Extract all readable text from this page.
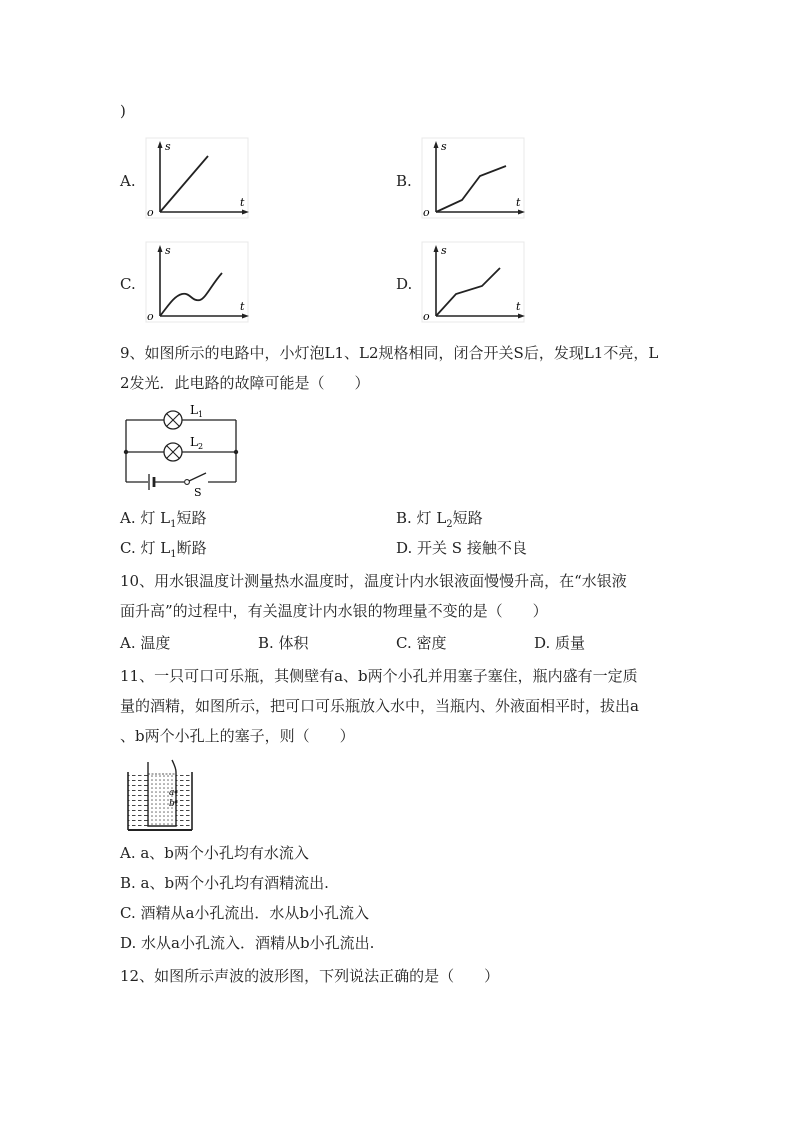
)
A.
s
t
o
B.
s
t
o
C.
s
t
o
D.
s
t
o
9、如图所示的电路中，小灯泡L1、L2规格相同，闭合开关S后，发现L1不亮，L
2发光．此电路的故障可能是（　　）
$L_1$
$L_2$
S
A. 灯 $L_1$短路	B. 灯 $L_2$短路
C. 灯 $L_1$断路	D. 开关 S 接触不良
10、用水银温度计测量热水温度时，温度计内水银液面慢慢升高，在“水银液
面升高”的过程中，有关温度计内水银的物理量不变的是（　　）
A. 温度	B. 体积	C. 密度	D. 质量
11、一只可口可乐瓶，其侧壁有a、b两个小孔并用塞子塞住，瓶内盛有一定质
量的酒精，如图所示，把可口可乐瓶放入水中，当瓶内、外液面相平时，拔出a
、b两个小孔上的塞子，则（　　）
a
b
A. a、b两个小孔均有水流入
B. a、b两个小孔均有酒精流出.
C. 酒精从a小孔流出．水从b小孔流入
D. 水从a小孔流入．酒精从b小孔流出.
12、如图所示声波的波形图，下列说法正确的是（　　）
